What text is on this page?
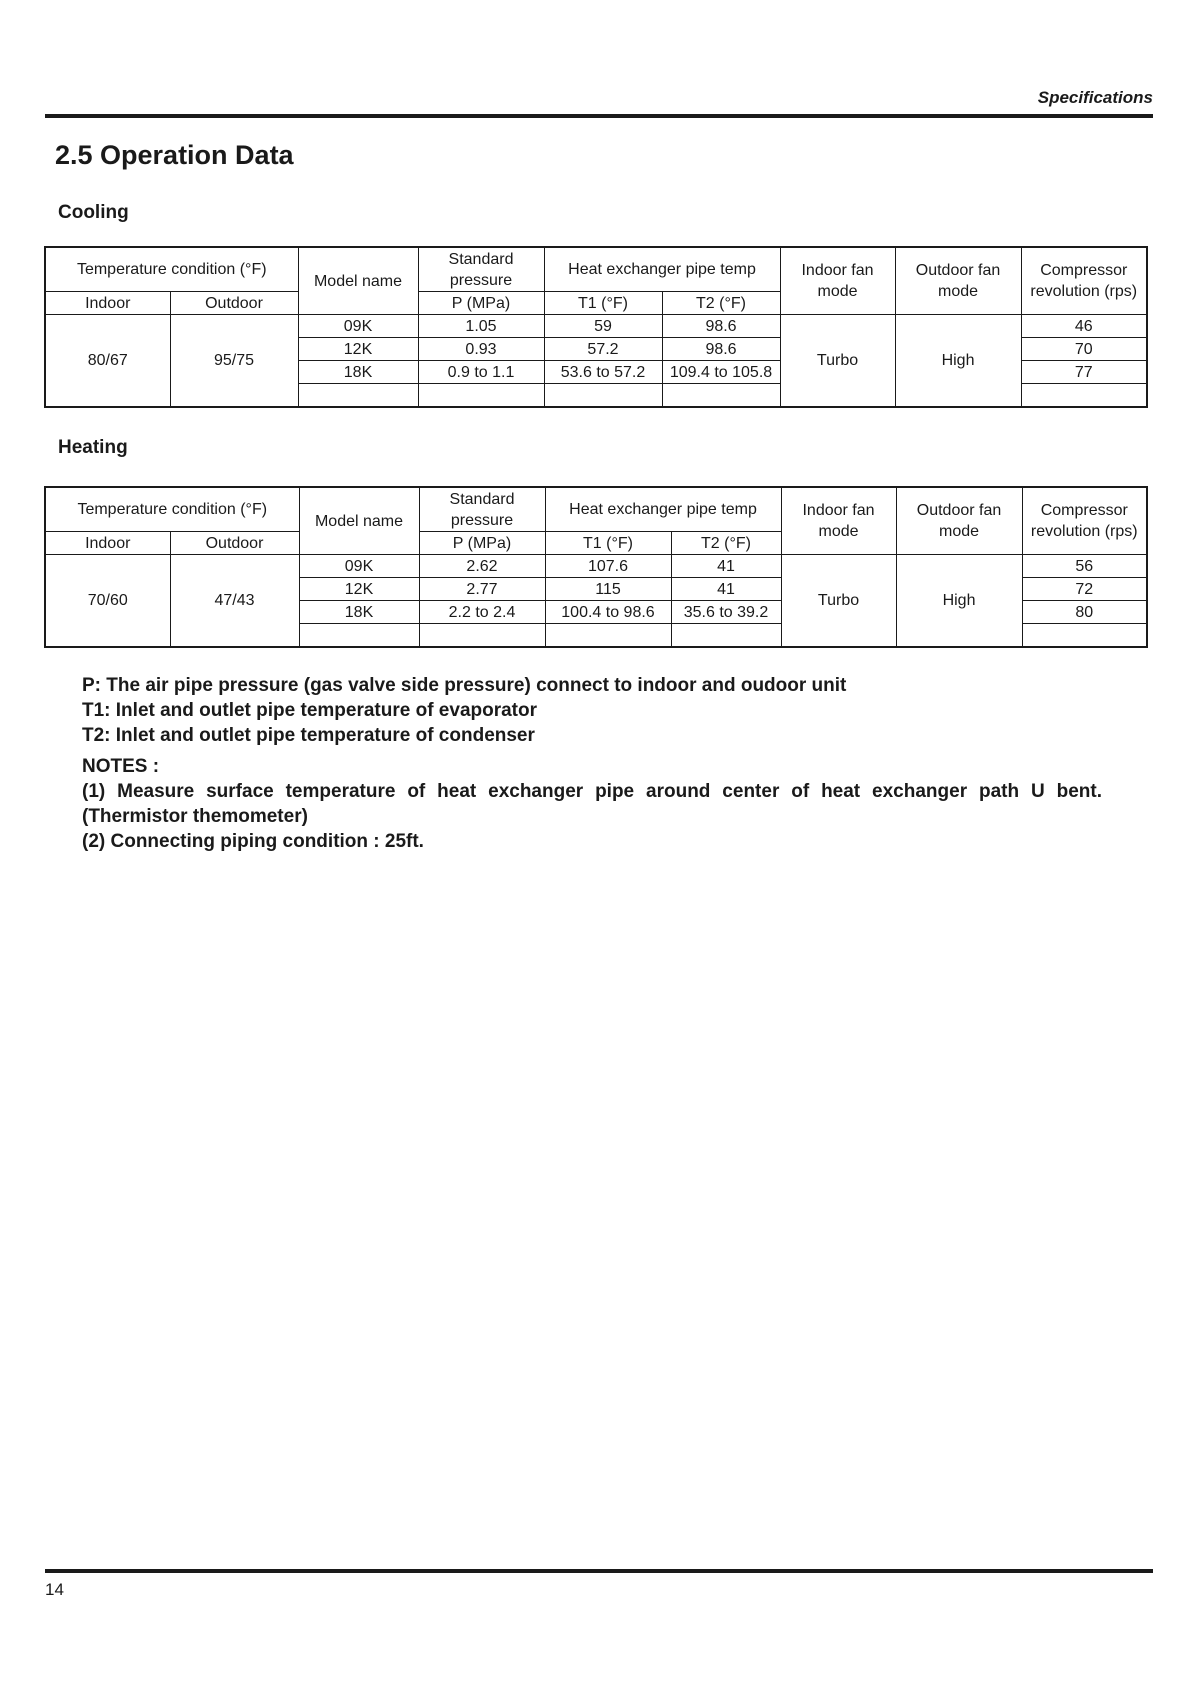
Specifications
2.5 Operation Data
Cooling
Temperature condition (°F)		Model name	Standard pressure	Heat exchanger pipe temp		Indoor fan mode	Outdoor fan mode	Compressor revolution (rps)
Indoor	Outdoor		P (MPa)	T1 (°F)	T2 (°F)			
80/67	95/75	09K	1.05	59	98.6	Turbo	High	46
		12K	0.93	57.2	98.6			70
		18K	0.9 to 1.1	53.6 to 57.2	109.4 to 105.8			77

Heating
Temperature condition (°F)		Model name	Standard pressure	Heat exchanger pipe temp		Indoor fan mode	Outdoor fan mode	Compressor revolution (rps)
Indoor	Outdoor		P (MPa)	T1 (°F)	T2 (°F)			
70/60	47/43	09K	2.62	107.6	41	Turbo	High	56
		12K	2.77	115	41			72
		18K	2.2 to 2.4	100.4 to 98.6	35.6 to 39.2			80

P: The air pipe pressure (gas valve side pressure) connect to indoor and oudoor unit

T1: Inlet and outlet pipe temperature of evaporator

T2: Inlet and outlet pipe temperature of condenser

NOTES :

(1) Measure surface temperature of heat exchanger pipe around center of heat exchanger path U bent.

(Thermistor themometer)

(2) Connecting piping condition : 25ft.

14
